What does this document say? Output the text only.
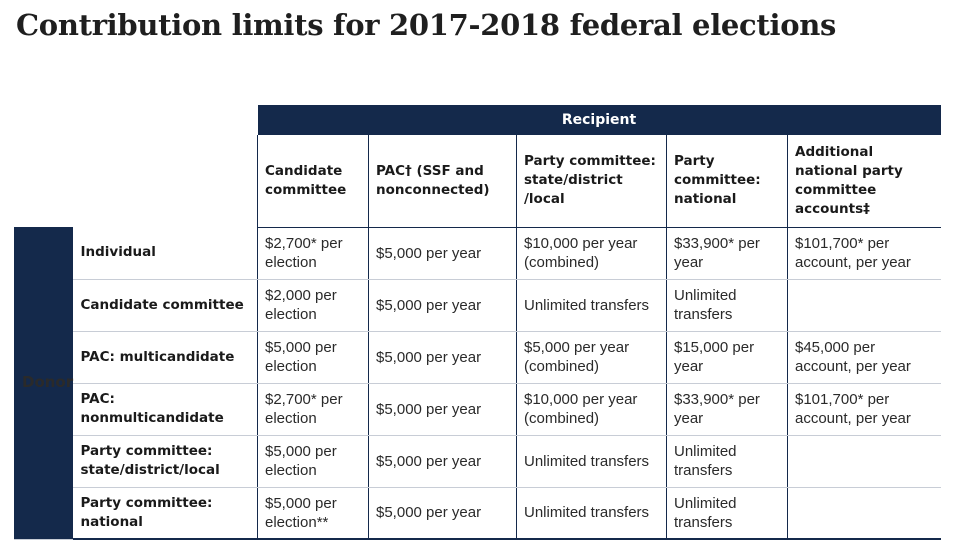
Contribution limits for 2017-2018 federal elections
		Recipient				
		Candidate committee	PAC† (SSF and nonconnected)	Party committee: state/district /local	Party committee: national	Additional national party committee accounts‡
Donor	Individual	$2,700* per election	$5,000 per year	$10,000 per year (combined)	$33,900* per year	$101,700* per account, per year
	Candidate committee	$2,000 per election	$5,000 per year	Unlimited transfers	Unlimited transfers	
	PAC: multicandidate	$5,000 per election	$5,000 per year	$5,000 per year (combined)	$15,000 per year	$45,000 per account, per year
	PAC: nonmulticandidate	$2,700* per election	$5,000 per year	$10,000 per year (combined)	$33,900* per year	$101,700* per account, per year
	Party committee: state/district/local	$5,000 per election	$5,000 per year	Unlimited transfers	Unlimited transfers	
	Party committee: national	$5,000 per election**	$5,000 per year	Unlimited transfers	Unlimited transfers	
